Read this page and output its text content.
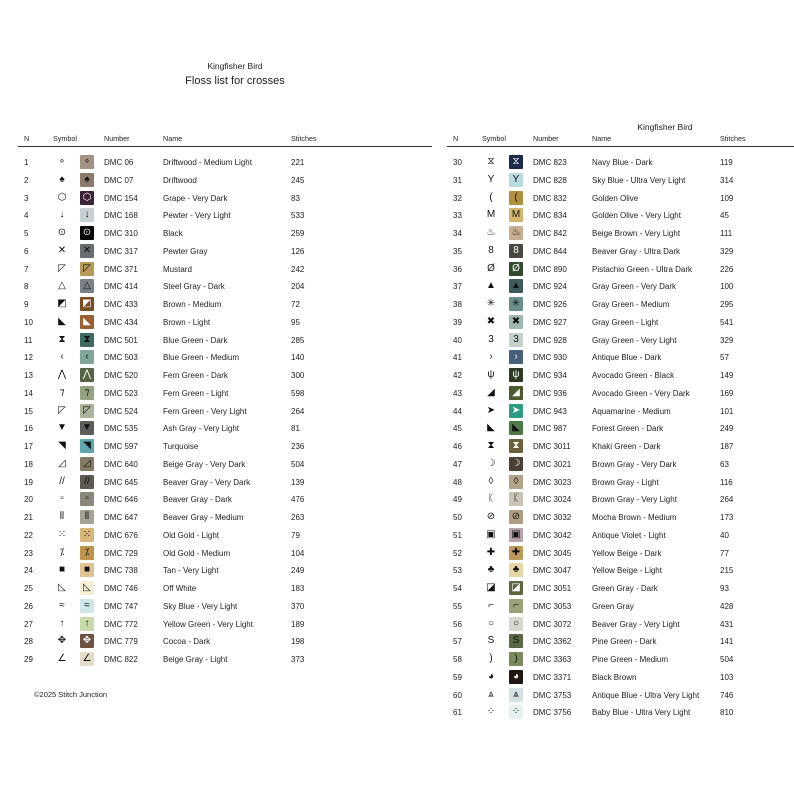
Kingfisher Bird
Floss list for crosses
Kingfisher Bird
N	Symbol	Number	Name	Stitches	N	Symbol	Number	Name	Stitches
1	∘	∘	DMC 06	Driftwood - Medium Light	221
2	♠	♠	DMC 07	Driftwood	245
3	⬡ ⬡	DMC 154	Grape - Very Dark	83
4	↓	↓	DMC 168	Pewter - Very Light	533
5	⊙ ⊙	DMC 310	Black	259
6	✕ ✕	DMC 317	Pewter Gray	126
7	◸	◸	DMC 371	Mustard	242
8	△	△	DMC 414	Steel Gray - Dark	204
9	◩ ◩ DMC 433	Brown - Medium	72
10	◣	◣	DMC 434	Brown - Light	95
11	⧗	⧗	DMC 501	Blue Green - Dark	285
12	‹	‹	DMC 503	Blue Green - Medium	140
13 ⋀ ⋀	DMC 520	Fern Green - Dark	300
14	⁊	⁊	DMC 523	Fern Green - Light	598
15	◸	◸	DMC 524	Fern Green - Very Light	264
16 ▼ ▼ DMC 535	Ash Gray - Very Light	81
17	◥	◥	DMC 597	Turquoise	236
18	◿	◿	DMC 640	Beige Gray - Very Dark	504
19	//	//	DMC 645	Beaver Gray - Very Dark	139
20	▫	▫	DMC 646	Beaver Gray - Dark	476
21	⦀	⦀	DMC 647	Beaver Gray - Medium	263
22 ⁙ ⁙	DMC 676	Old Gold - Light	79
23	⁒	⁒	DMC 729	Old Gold - Medium	104
24	■	■	DMC 738	Tan - Very Light	249
25	◺	◺	DMC 746	Off White	183
26	≈	≈	DMC 747	Sky Blue - Very Light	370
27	↑	↑	DMC 772	Yellow Green - Very Light	189
28 ✥ ✥	DMC 779	Cocoa - Dark	198
29 ∠ ∠	DMC 822	Beige Gray - Light	373
30	⧖	⧖	DMC 823	Navy Blue - Dark	119
31	Y	Y	DMC 828	Sky Blue - Ultra Very Light	314
32	(	(	DMC 832	Golden Olive	109
33 M M	DMC 834	Golden Olive - Very Light	45
34 ♨ ♨	DMC 842	Beige Brown - Very Light	111
35	8	8	DMC 844	Beaver Gray - Ultra Dark	329
36	Ø	Ø	DMC 890	Pistachio Green - Ultra Dark	226
37 ▲ ▲ DMC 924	Gray Green - Very Dark	100
38 ✳ ✳	DMC 926	Gray Green - Medium	295
39 ✖ ✖	DMC 927	Gray Green - Light	541
40	3	3	DMC 928	Gray Green - Very Light	329
41	›	›	DMC 930	Antique Blue - Dark	57
42	ψ	ψ	DMC 934	Avocado Green - Black	149
43	◢	◢	DMC 936	Avocado Green - Very Dark	169
44 ➤ ➤	DMC 943	Aquamarine - Medium	101
45	◣	◣	DMC 987	Forest Green - Dark	249
46	⧗	⧗	DMC 3011	Khaki Green - Dark	187
47 ☽ ☽	DMC 3021	Brown Gray - Very Dark	63
48	◊	◊	DMC 3023	Brown Gray - Light	116
49	ᛕ	ᛕ	DMC 3024	Brown Gray - Very Light	264
50 ⊘ ⊘	DMC 3032	Mocha Brown - Medium	173
51 ▣ ▣ DMC 3042	Antique Violet - Light	40
52 ✚ ✚	DMC 3045	Yellow Beige - Dark	77
53	♣	♣	DMC 3047	Yellow Beige - Light	215
54 ◪ ◪ DMC 3051	Green Gray - Dark	93
55	⌐	⌐	DMC 3053	Green Gray	428
56	○	○	DMC 3072	Beaver Gray - Very Light	431
57	S	S	DMC 3362	Pine Green - Dark	141
58	)	)	DMC 3363	Pine Green - Medium	504
59	◕	◕	DMC 3371	Black Brown	103
60	⩓	⩓	DMC 3753	Antique Blue - Ultra Very Light	746
61 ⁘ ⁘	DMC 3756	Baby Blue - Ultra Very Light	810
©2025 Stitch Junction
